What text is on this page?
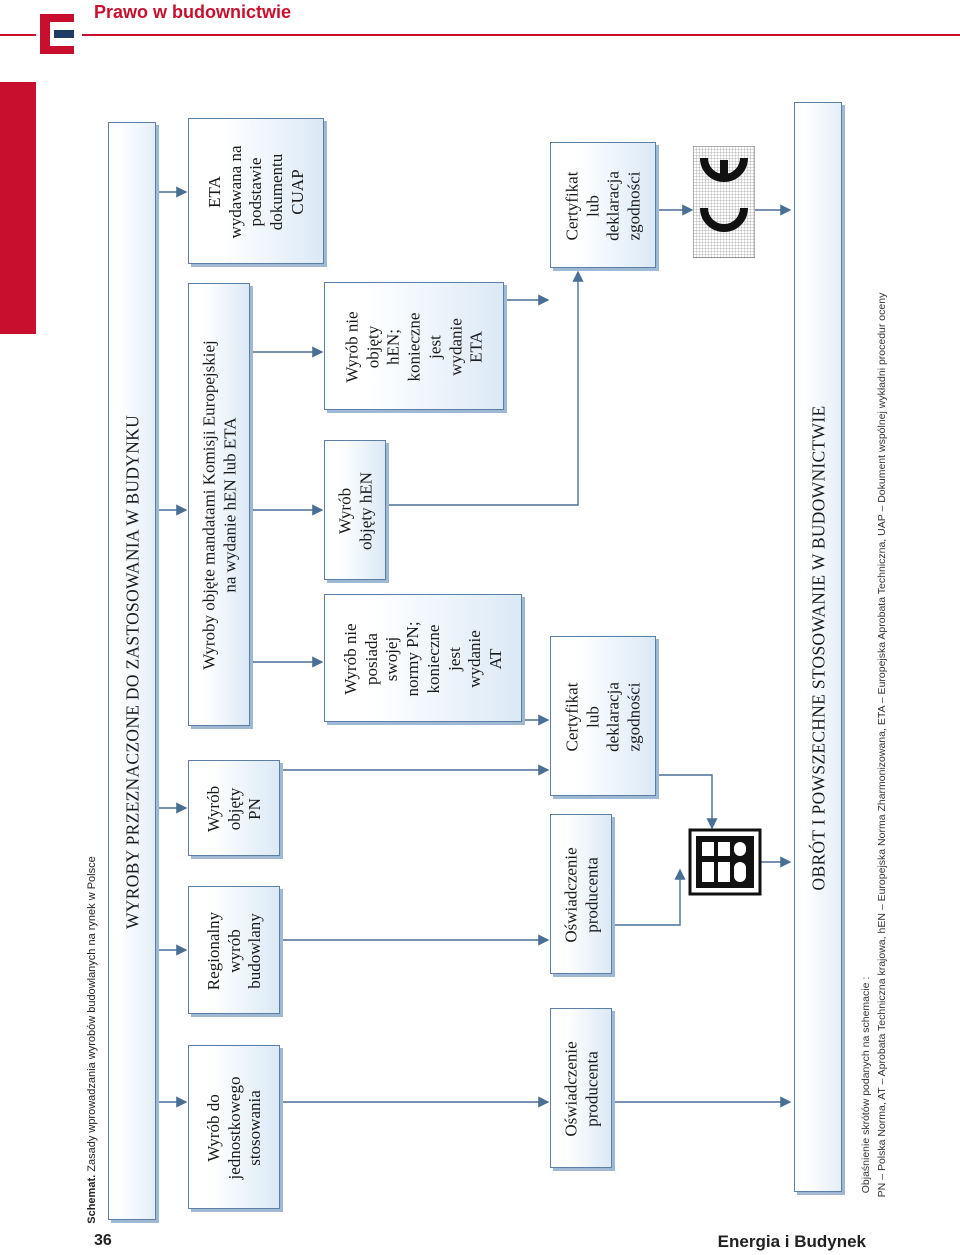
Prawo w budownictwie
36	Energia i Budynek
Schemat. Zasady wprowadzania wyrobów budowlanych na rynek w Polsce
WYROBY PRZEZNACZONE DO ZASTOSOWANIA W BUDYNKU
Wyrób do jednostkowego stosowania
Regionalny wyrób budowlany
Wyrób objęty PN
Wyroby objęte mandatami Komisji Europejskiej na wydanie hEN lub ETA
ETA wydawana na podstawie dokumentu CUAP
Wyrób nie posiada swojej normy PN; konieczne jest wydanie AT
Wyrób objęty hEN
Wyrób nie objęty hEN; konieczne jest wydanie ETA
Oświadczenie producenta
Oświadczenie producenta
Certyfikat lub deklaracja zgodności
Certyfikat lub deklaracja zgodności
OBRÓT I POWSZECHNE STOSOWANIE W BUDOWNICTWIE
Objaśnienie skrótów podanych na schemacie : PN – Polska Norma, AT – Aprobata Techniczna krajowa, hEN – Europejska Norma Zharmonizowana, ETA – Europejska Aprobata Techniczna, UAP – Dokument wspólnej wykładni procedur oceny
